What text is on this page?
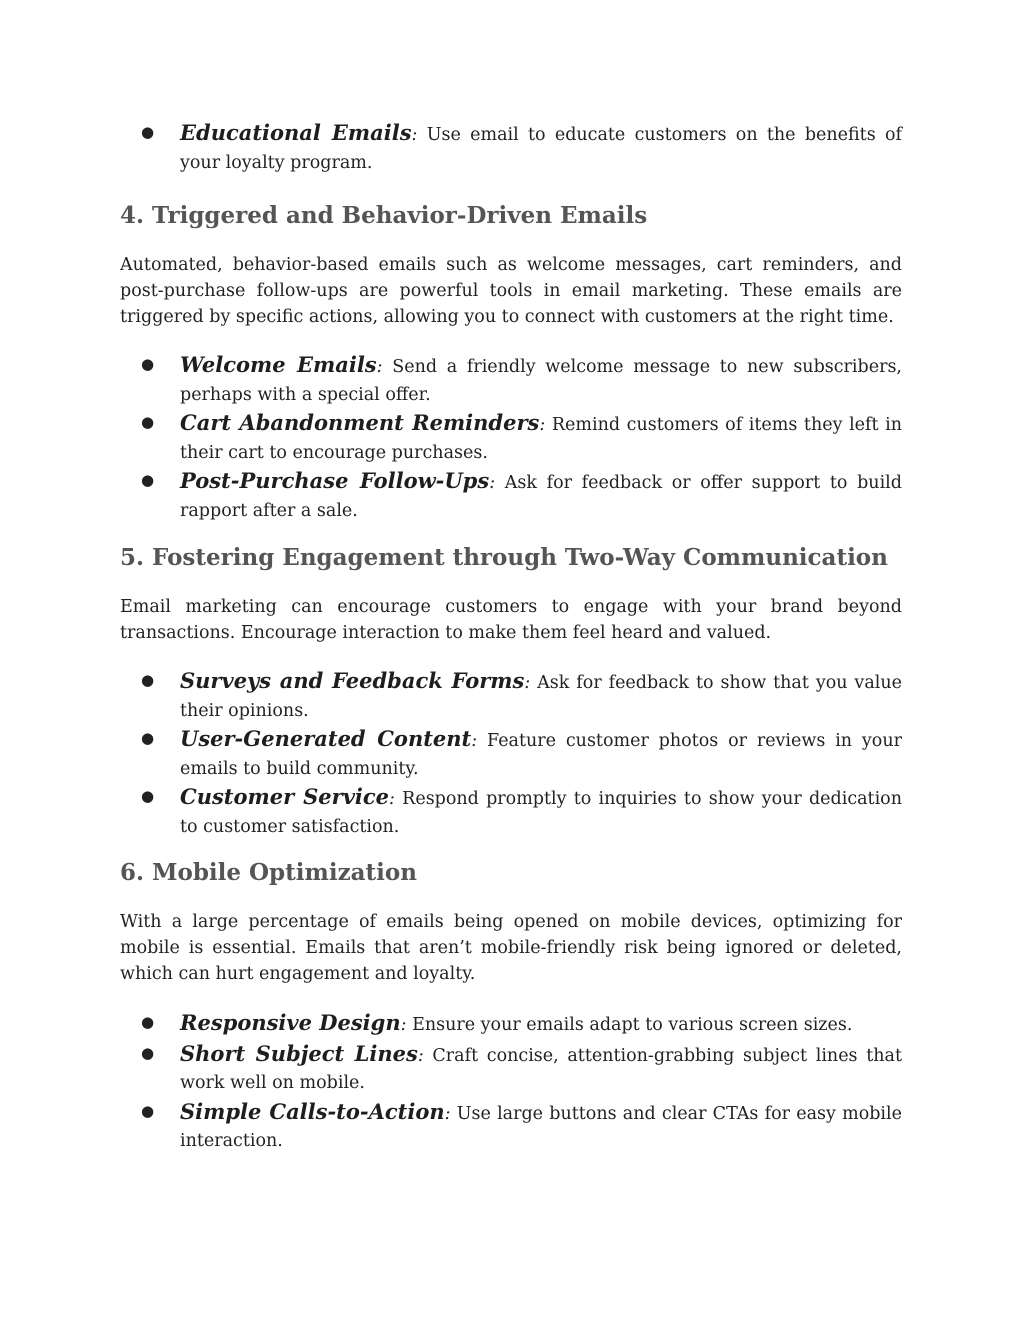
● Educational Emails: Use email to educate customers on the benefits of your loyalty program.
4. Triggered and Behavior-Driven Emails

Automated, behavior-based emails such as welcome messages, cart reminders, and post-purchase follow-ups are powerful tools in email marketing. These emails are triggered by specific actions, allowing you to connect with customers at the right time.

● Welcome Emails: Send a friendly welcome message to new subscribers, perhaps with a special offer.
● Cart Abandonment Reminders: Remind customers of items they left in their cart to encourage purchases.
● Post-Purchase Follow-Ups: Ask for feedback or offer support to build rapport after a sale.
5. Fostering Engagement through Two-Way Communication

Email marketing can encourage customers to engage with your brand beyond transactions. Encourage interaction to make them feel heard and valued.

● Surveys and Feedback Forms: Ask for feedback to show that you value their opinions.
● User-Generated Content: Feature customer photos or reviews in your emails to build community.
● Customer Service: Respond promptly to inquiries to show your dedication to customer satisfaction.
6. Mobile Optimization

With a large percentage of emails being opened on mobile devices, optimizing for mobile is essential. Emails that aren’t mobile-friendly risk being ignored or deleted, which can hurt engagement and loyalty.

● Responsive Design: Ensure your emails adapt to various screen sizes.
● Short Subject Lines: Craft concise, attention-grabbing subject lines that work well on mobile.
● Simple Calls-to-Action: Use large buttons and clear CTAs for easy mobile interaction.
